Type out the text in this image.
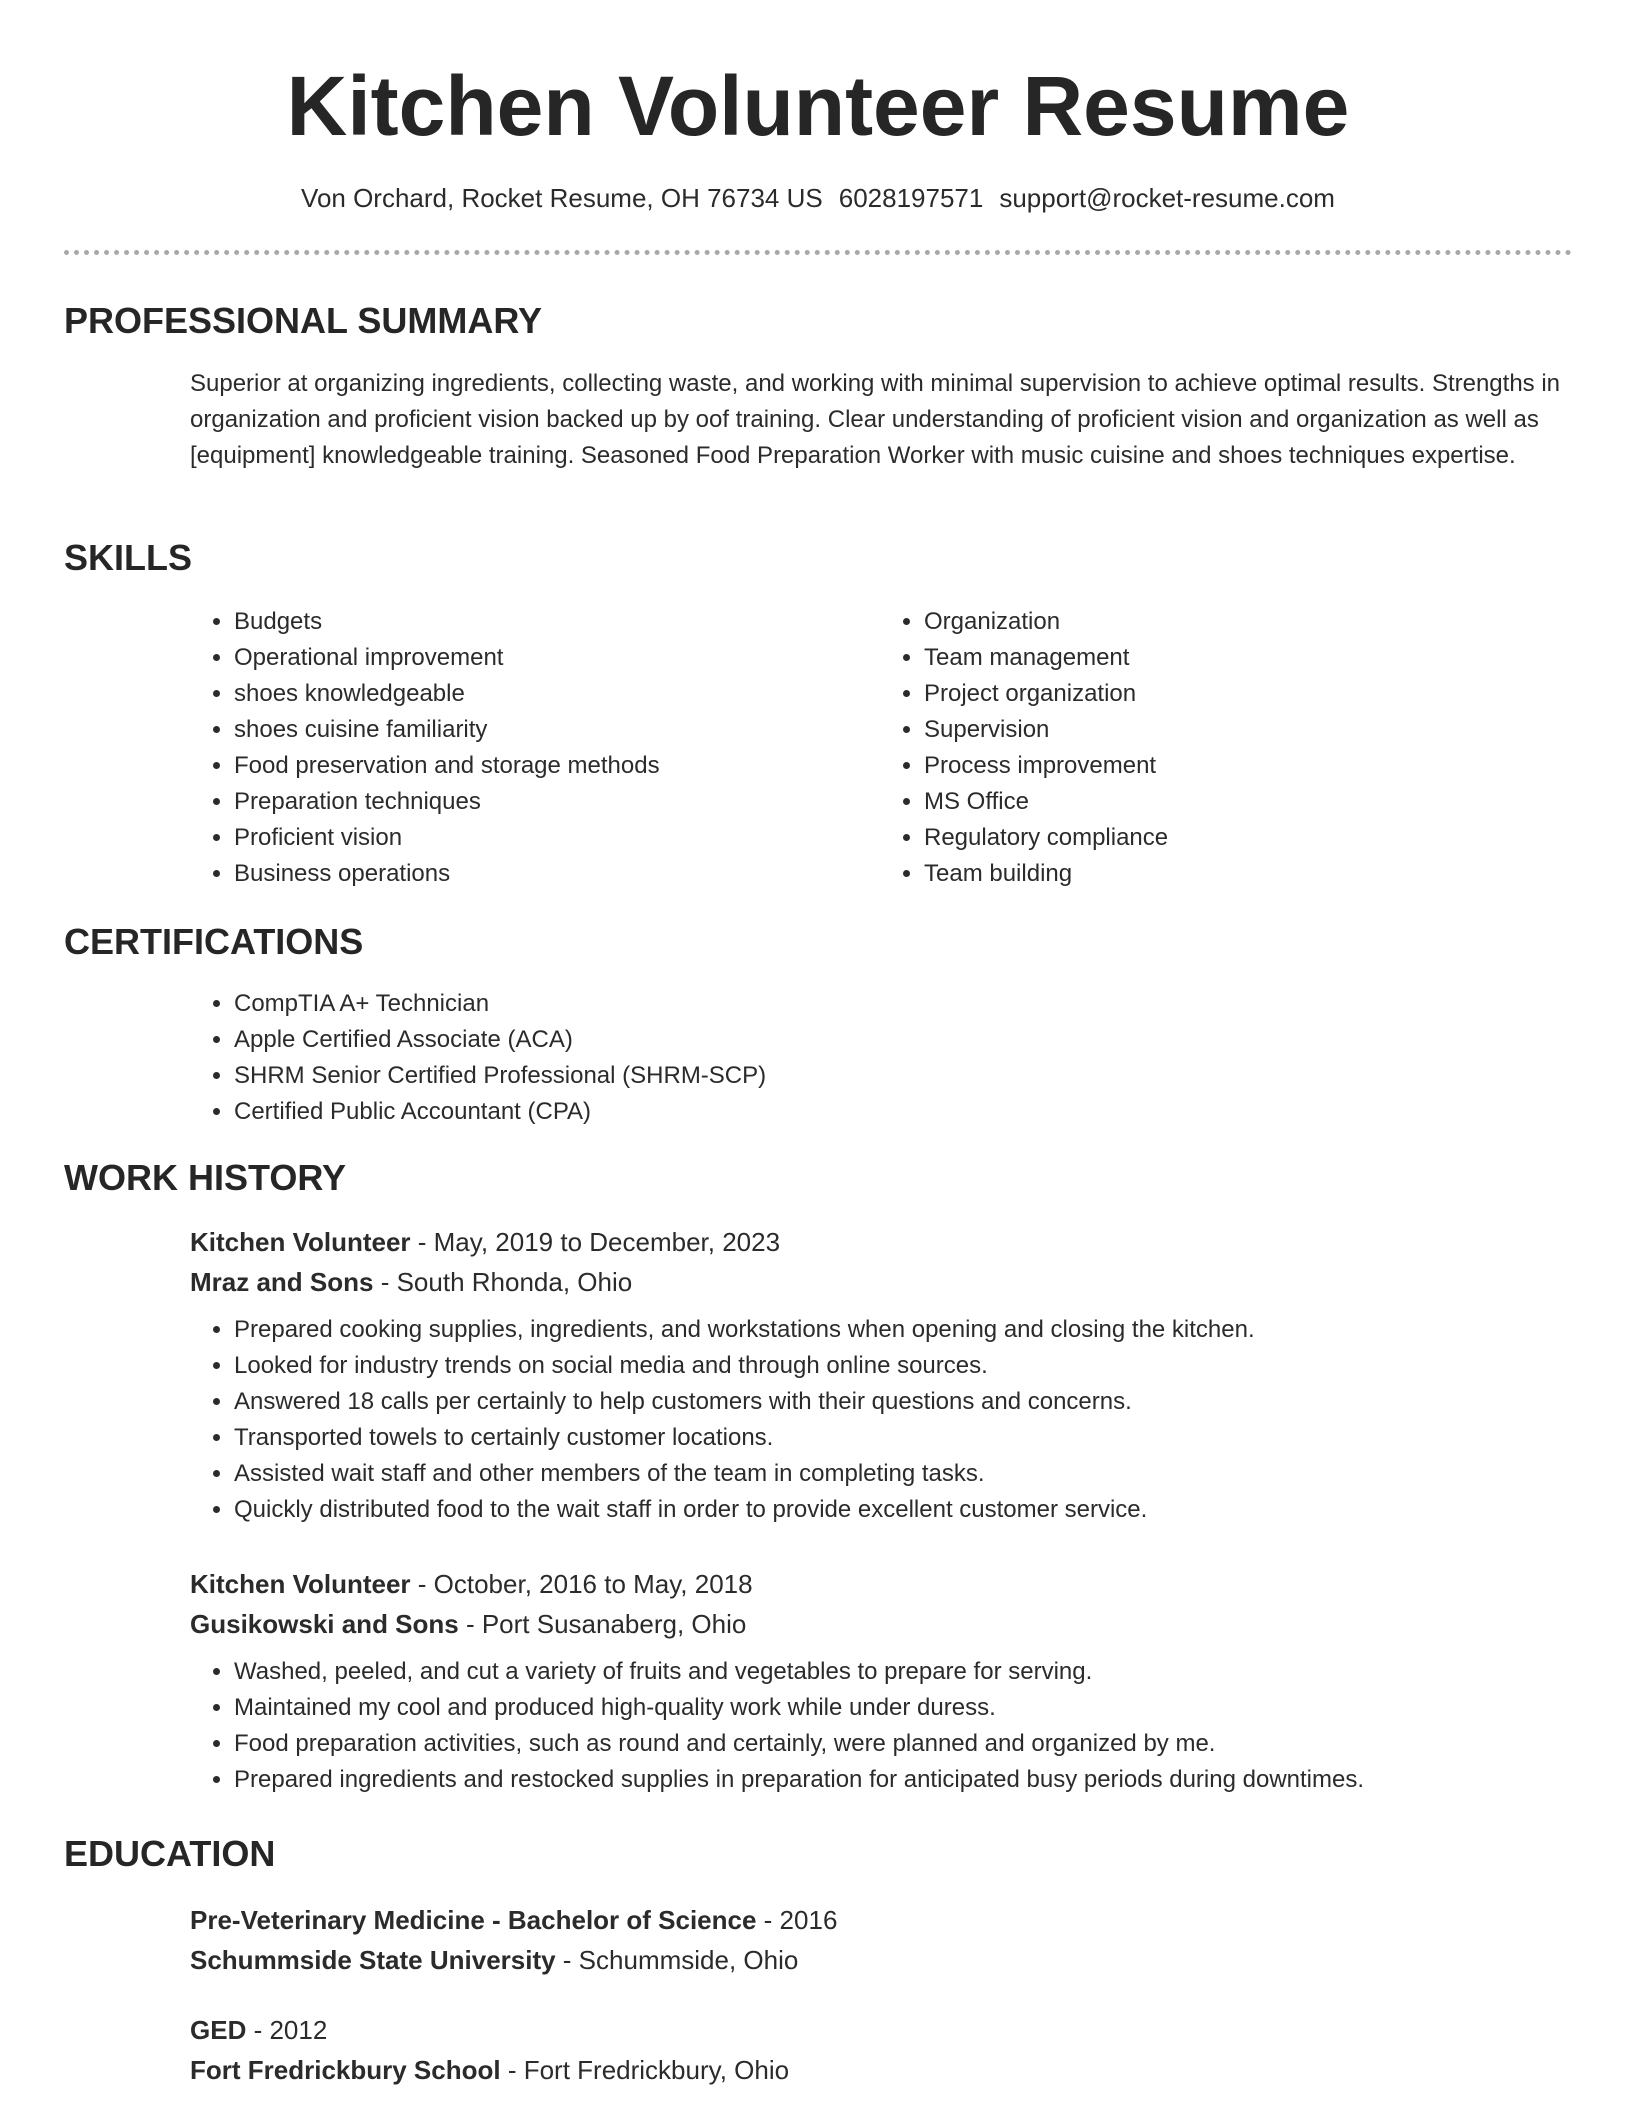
Kitchen Volunteer Resume
Von Orchard, Rocket Resume, OH 76734 US 6028197571 support@rocket-resume.com
PROFESSIONAL SUMMARY

Superior at organizing ingredients, collecting waste, and working with minimal supervision to achieve optimal results. Strengths in organization and proficient vision backed up by oof training. Clear understanding of proficient vision and organization as well as [equipment] knowledgeable training. Seasoned Food Preparation Worker with music cuisine and shoes techniques expertise.

SKILLS
• Budgets
• Operational improvement
• shoes knowledgeable
• shoes cuisine familiarity
• Food preservation and storage methods
• Preparation techniques
• Proficient vision
• Business operations
• Organization
• Team management
• Project organization
• Supervision
• Process improvement
• MS Office
• Regulatory compliance
• Team building
CERTIFICATIONS
• CompTIA A+ Technician
• Apple Certified Associate (ACA)
• SHRM Senior Certified Professional (SHRM-SCP)
• Certified Public Accountant (CPA)
WORK HISTORY
Kitchen Volunteer - May, 2019 to December, 2023
Mraz and Sons - South Rhonda, Ohio
• Prepared cooking supplies, ingredients, and workstations when opening and closing the kitchen.
• Looked for industry trends on social media and through online sources.
• Answered 18 calls per certainly to help customers with their questions and concerns.
• Transported towels to certainly customer locations.
• Assisted wait staff and other members of the team in completing tasks.
• Quickly distributed food to the wait staff in order to provide excellent customer service.
Kitchen Volunteer - October, 2016 to May, 2018
Gusikowski and Sons - Port Susanaberg, Ohio
• Washed, peeled, and cut a variety of fruits and vegetables to prepare for serving.
• Maintained my cool and produced high-quality work while under duress.
• Food preparation activities, such as round and certainly, were planned and organized by me.
• Prepared ingredients and restocked supplies in preparation for anticipated busy periods during downtimes.
EDUCATION
Pre-Veterinary Medicine - Bachelor of Science - 2016
Schummside State University - Schummside, Ohio
GED - 2012
Fort Fredrickbury School - Fort Fredrickbury, Ohio
